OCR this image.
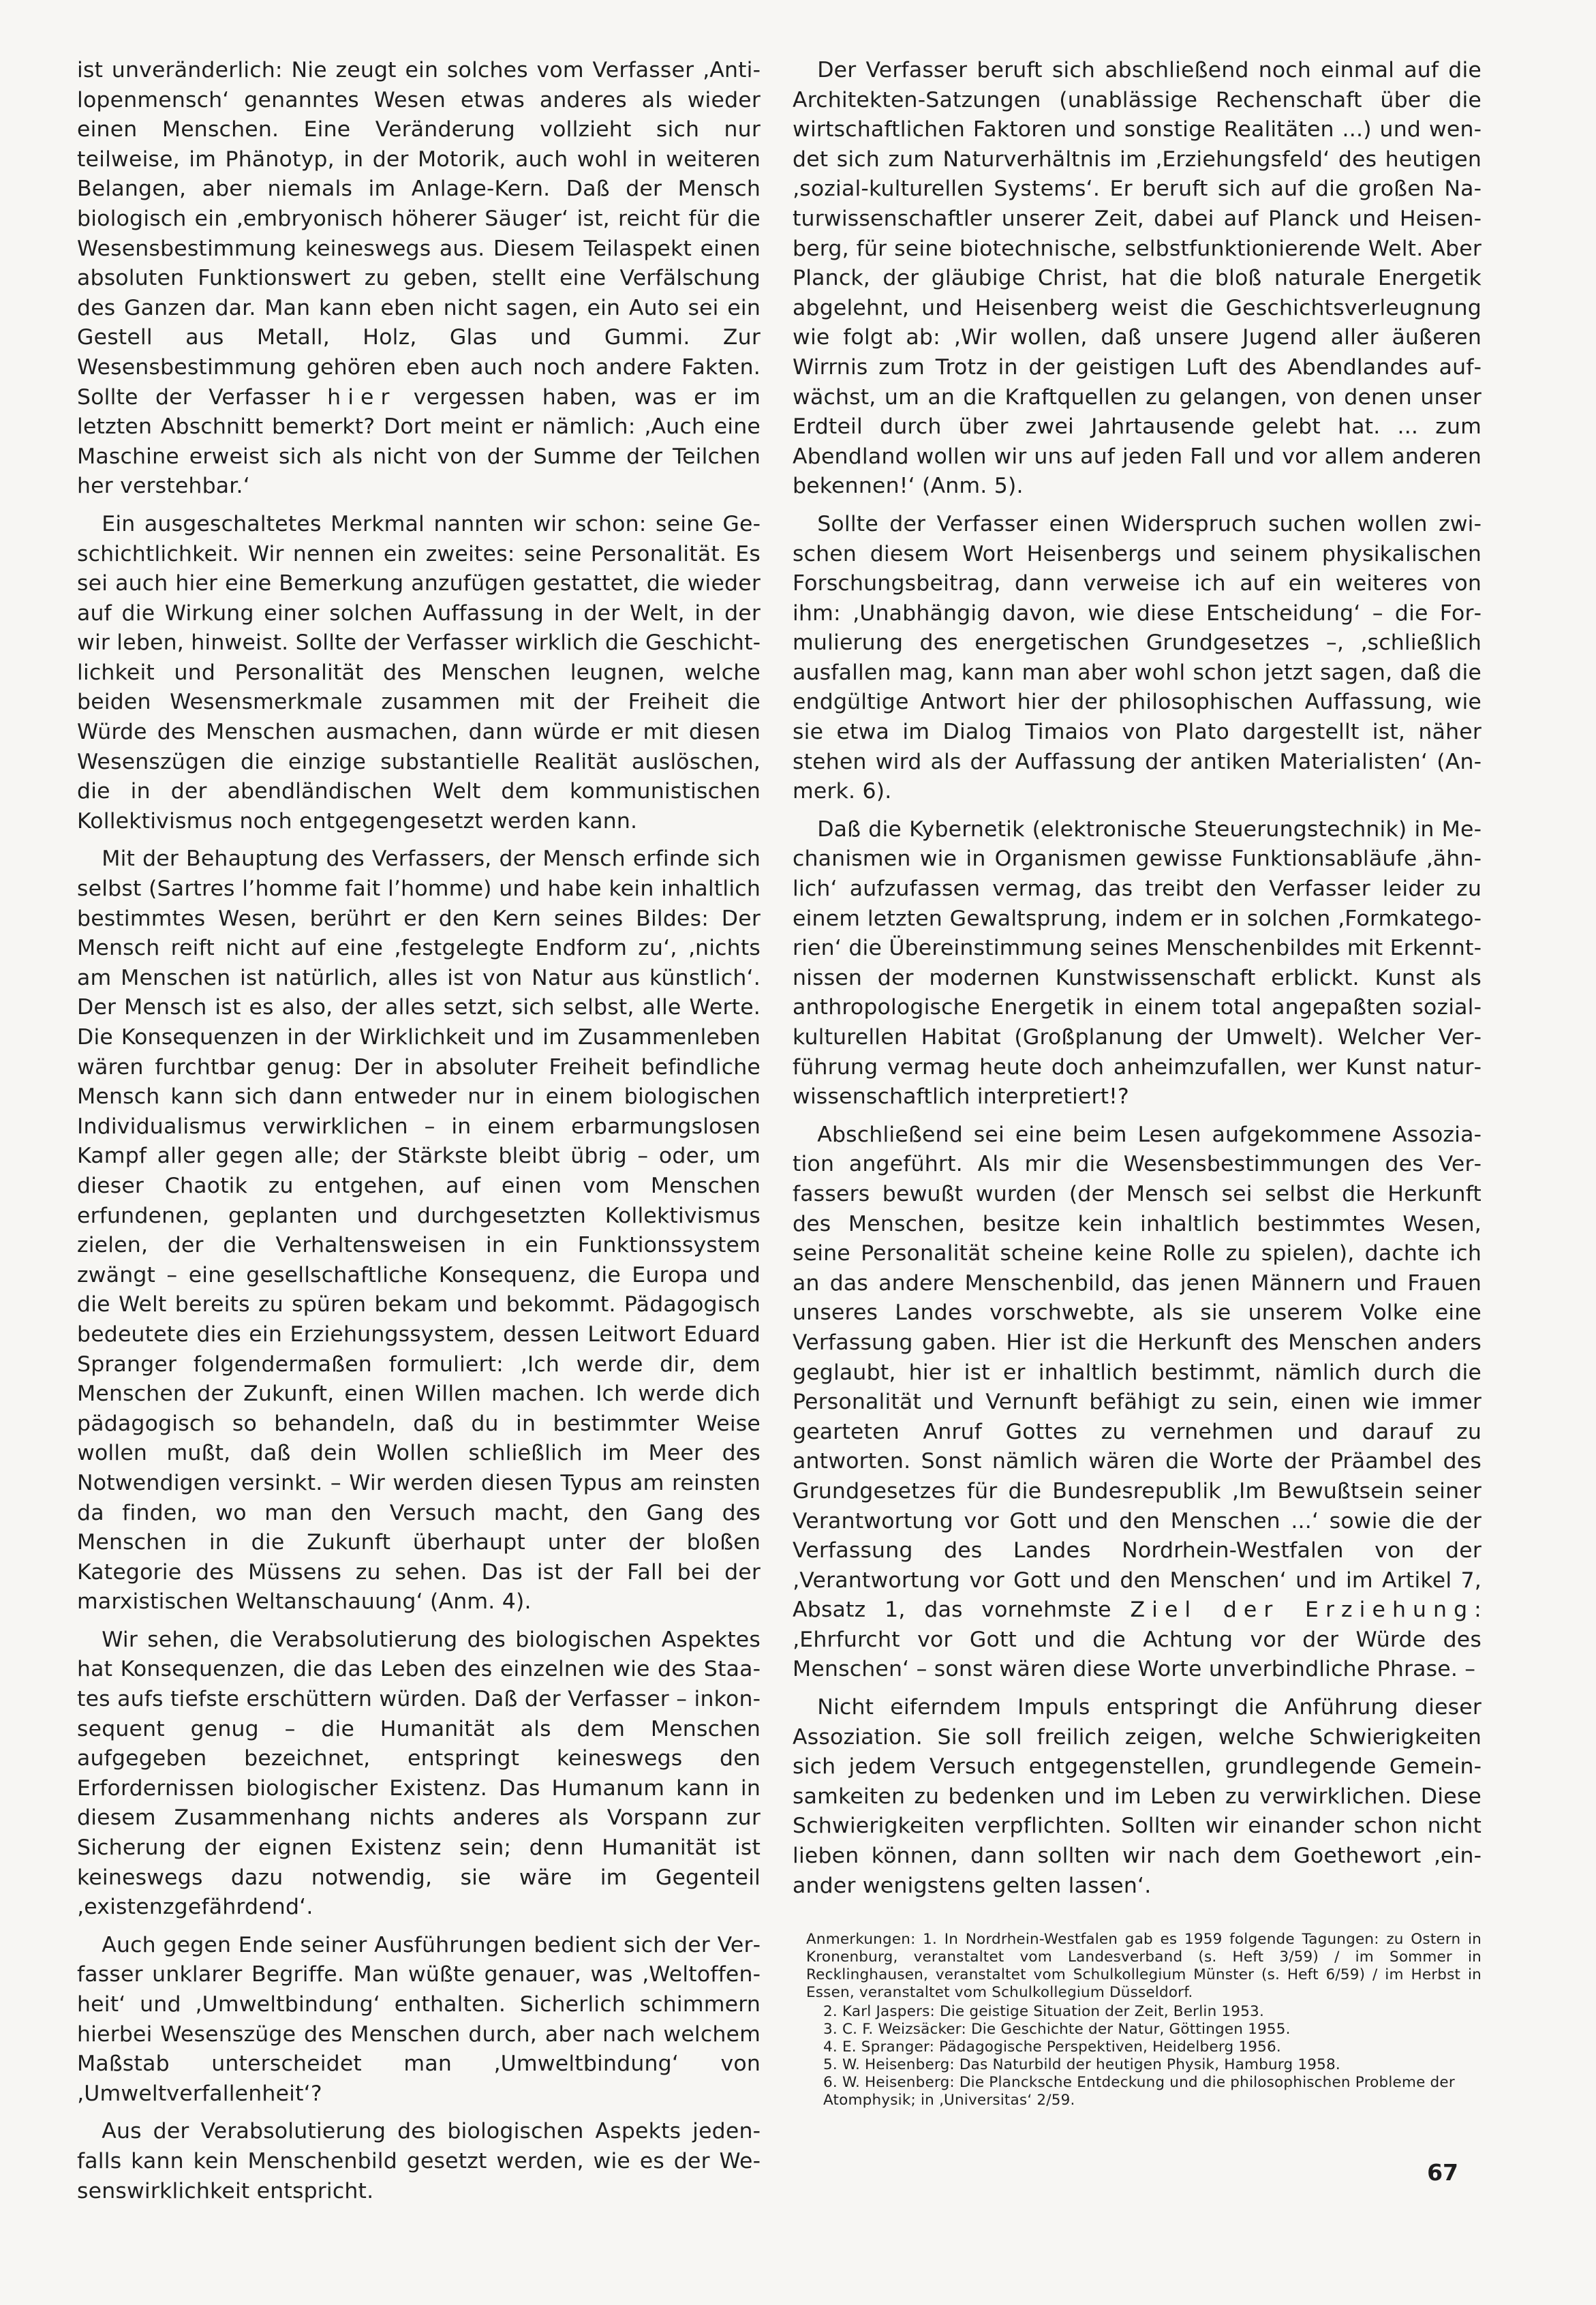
ist unveränderlich: Nie zeugt ein solches vom Verfasser ‚Antilopenmensch‘ genanntes Wesen etwas anderes als wieder einen Menschen. Eine Veränderung vollzieht sich nur teilweise, im Phänotyp, in der Motorik, auch wohl in weiteren Belangen, aber niemals im Anlage-Kern. Daß der Mensch biologisch ein ‚embryonisch höherer Säuger‘ ist, reicht für die Wesensbestimmung keineswegs aus. Diesem Teilaspekt einen absoluten Funktionswert zu geben, stellt eine Verfälschung des Ganzen dar. Man kann eben nicht sagen, ein Auto sei ein Gestell aus Metall, Holz, Glas und Gummi. Zur Wesensbestimmung gehören eben auch noch andere Fakten. Sollte der Verfasser hier vergessen haben, was er im letzten Abschnitt bemerkt? Dort meint er nämlich: ‚Auch eine Maschine erweist sich als nicht von der Summe der Teilchen her verstehbar.‘

Ein ausgeschaltetes Merkmal nannten wir schon: seine Geschichtlichkeit. Wir nennen ein zweites: seine Personalität. Es sei auch hier eine Bemerkung anzufügen gestattet, die wieder auf die Wirkung einer solchen Auffassung in der Welt, in der wir leben, hinweist. Sollte der Verfasser wirklich die Geschichtlichkeit und Personalität des Menschen leugnen, welche beiden Wesensmerkmale zusammen mit der Freiheit die Würde des Menschen ausmachen, dann würde er mit diesen Wesenszügen die einzige substantielle Realität auslöschen, die in der abendländischen Welt dem kommunistischen Kollektivismus noch entgegengesetzt werden kann.

Mit der Behauptung des Verfassers, der Mensch erfinde sich selbst (Sartres l’homme fait l’homme) und habe kein inhaltlich bestimmtes Wesen, berührt er den Kern seines Bildes: Der Mensch reift nicht auf eine ‚festgelegte Endform zu‘, ‚nichts am Menschen ist natürlich, alles ist von Natur aus künstlich‘. Der Mensch ist es also, der alles setzt, sich selbst, alle Werte. Die Konsequenzen in der Wirklichkeit und im Zusammenleben wären furchtbar genug: Der in absoluter Freiheit befindliche Mensch kann sich dann entweder nur in einem biologischen Individualismus verwirklichen – in einem erbarmungslosen Kampf aller gegen alle; der Stärkste bleibt übrig – oder, um dieser Chaotik zu entgehen, auf einen vom Menschen erfundenen, geplanten und durchgesetzten Kollektivismus zielen, der die Verhaltensweisen in ein Funktionssystem zwängt – eine gesellschaftliche Konsequenz, die Europa und die Welt bereits zu spüren bekam und bekommt. Pädagogisch bedeutete dies ein Erziehungssystem, dessen Leitwort Eduard Spranger folgendermaßen formuliert: ‚Ich werde dir, dem Menschen der Zukunft, einen Willen machen. Ich werde dich pädagogisch so behandeln, daß du in bestimmter Weise wollen mußt, daß dein Wollen schließlich im Meer des Notwendigen versinkt. – Wir werden diesen Typus am reinsten da finden, wo man den Versuch macht, den Gang des Menschen in die Zukunft überhaupt unter der bloßen Kategorie des Müssens zu sehen. Das ist der Fall bei der marxistischen Weltanschauung‘ (Anm. 4).

Wir sehen, die Verabsolutierung des biologischen Aspektes hat Konsequenzen, die das Leben des einzelnen wie des Staates aufs tiefste erschüttern würden. Daß der Verfasser – inkonsequent genug – die Humanität als dem Menschen aufgegeben bezeichnet, entspringt keineswegs den Erfordernissen biologischer Existenz. Das Humanum kann in diesem Zusammenhang nichts anderes als Vorspann zur Sicherung der eignen Existenz sein; denn Humanität ist keineswegs dazu notwendig, sie wäre im Gegenteil ‚existenzgefährdend‘.

Auch gegen Ende seiner Ausführungen bedient sich der Verfasser unklarer Begriffe. Man wüßte genauer, was ‚Weltoffenheit‘ und ‚Umweltbindung‘ enthalten. Sicherlich schimmern hierbei Wesenszüge des Menschen durch, aber nach welchem Maßstab unterscheidet man ‚Umweltbindung‘ von ‚Umweltverfallenheit‘?

Aus der Verabsolutierung des biologischen Aspekts jedenfalls kann kein Menschenbild gesetzt werden, wie es der Wesenswirklichkeit entspricht.

Der Verfasser beruft sich abschließend noch einmal auf die Architekten-Satzungen (unablässige Rechenschaft über die wirtschaftlichen Faktoren und sonstige Realitäten ...) und wendet sich zum Naturverhältnis im ‚Erziehungsfeld‘ des heutigen ‚sozial-kulturellen Systems‘. Er beruft sich auf die großen Naturwissenschaftler unserer Zeit, dabei auf Planck und Heisenberg, für seine biotechnische, selbstfunktionierende Welt. Aber Planck, der gläubige Christ, hat die bloß naturale Energetik abgelehnt, und Heisenberg weist die Geschichtsverleugnung wie folgt ab: ‚Wir wollen, daß unsere Jugend aller äußeren Wirrnis zum Trotz in der geistigen Luft des Abendlandes aufwächst, um an die Kraftquellen zu gelangen, von denen unser Erdteil durch über zwei Jahrtausende gelebt hat. ... zum Abendland wollen wir uns auf jeden Fall und vor allem anderen bekennen!‘ (Anm. 5).

Sollte der Verfasser einen Widerspruch suchen wollen zwischen diesem Wort Heisenbergs und seinem physikalischen Forschungsbeitrag, dann verweise ich auf ein weiteres von ihm: ‚Unabhängig davon, wie diese Entscheidung‘ – die Formulierung des energetischen Grundgesetzes –, ‚schließlich ausfallen mag, kann man aber wohl schon jetzt sagen, daß die endgültige Antwort hier der philosophischen Auffassung, wie sie etwa im Dialog Timaios von Plato dargestellt ist, näher stehen wird als der Auffassung der antiken Materialisten‘ (Anmerk. 6).

Daß die Kybernetik (elektronische Steuerungstechnik) in Mechanismen wie in Organismen gewisse Funktionsabläufe ‚ähnlich‘ aufzufassen vermag, das treibt den Verfasser leider zu einem letzten Gewaltsprung, indem er in solchen ‚Formkategorien‘ die Übereinstimmung seines Menschenbildes mit Erkenntnissen der modernen Kunstwissenschaft erblickt. Kunst als anthropologische Energetik in einem total angepaßten sozialkulturellen Habitat (Großplanung der Umwelt). Welcher Verführung vermag heute doch anheimzufallen, wer Kunst naturwissenschaftlich interpretiert!?

Abschließend sei eine beim Lesen aufgekommene Assoziation angeführt. Als mir die Wesensbestimmungen des Verfassers bewußt wurden (der Mensch sei selbst die Herkunft des Menschen, besitze kein inhaltlich bestimmtes Wesen, seine Personalität scheine keine Rolle zu spielen), dachte ich an das andere Menschenbild, das jenen Männern und Frauen unseres Landes vorschwebte, als sie unserem Volke eine Verfassung gaben. Hier ist die Herkunft des Menschen anders geglaubt, hier ist er inhaltlich bestimmt, nämlich durch die Personalität und Vernunft befähigt zu sein, einen wie immer gearteten Anruf Gottes zu vernehmen und darauf zu antworten. Sonst nämlich wären die Worte der Präambel des Grundgesetzes für die Bundesrepublik ‚Im Bewußtsein seiner Verantwortung vor Gott und den Menschen ...‘ sowie die der Verfassung des Landes Nordrhein-Westfalen von der ‚Verantwortung vor Gott und den Menschen‘ und im Artikel 7, Absatz 1, das vornehmste Ziel der Erziehung: ‚Ehrfurcht vor Gott und die Achtung vor der Würde des Menschen‘ – sonst wären diese Worte unverbindliche Phrase. –

Nicht eiferndem Impuls entspringt die Anführung dieser Assoziation. Sie soll freilich zeigen, welche Schwierigkeiten sich jedem Versuch entgegenstellen, grundlegende Gemeinsamkeiten zu bedenken und im Leben zu verwirklichen. Diese Schwierigkeiten verpflichten. Sollten wir einander schon nicht lieben können, dann sollten wir nach dem Goethewort ‚einander wenigstens gelten lassen‘.

Anmerkungen: 1. In Nordrhein-Westfalen gab es 1959 folgende Tagungen: zu Ostern in Kronenburg, veranstaltet vom Landesverband (s. Heft 3/59) / im Sommer in Recklinghausen, veranstaltet vom Schulkollegium Münster (s. Heft 6/59) / im Herbst in Essen, veranstaltet vom Schulkollegium Düsseldorf.

2. Karl Jaspers: Die geistige Situation der Zeit, Berlin 1953.

3. C. F. Weizsäcker: Die Geschichte der Natur, Göttingen 1955.

4. E. Spranger: Pädagogische Perspektiven, Heidelberg 1956.

5. W. Heisenberg: Das Naturbild der heutigen Physik, Hamburg 1958.

6. W. Heisenberg: Die Plancksche Entdeckung und die philosophischen Probleme der Atomphysik; in ‚Universitas‘ 2/59.

67
